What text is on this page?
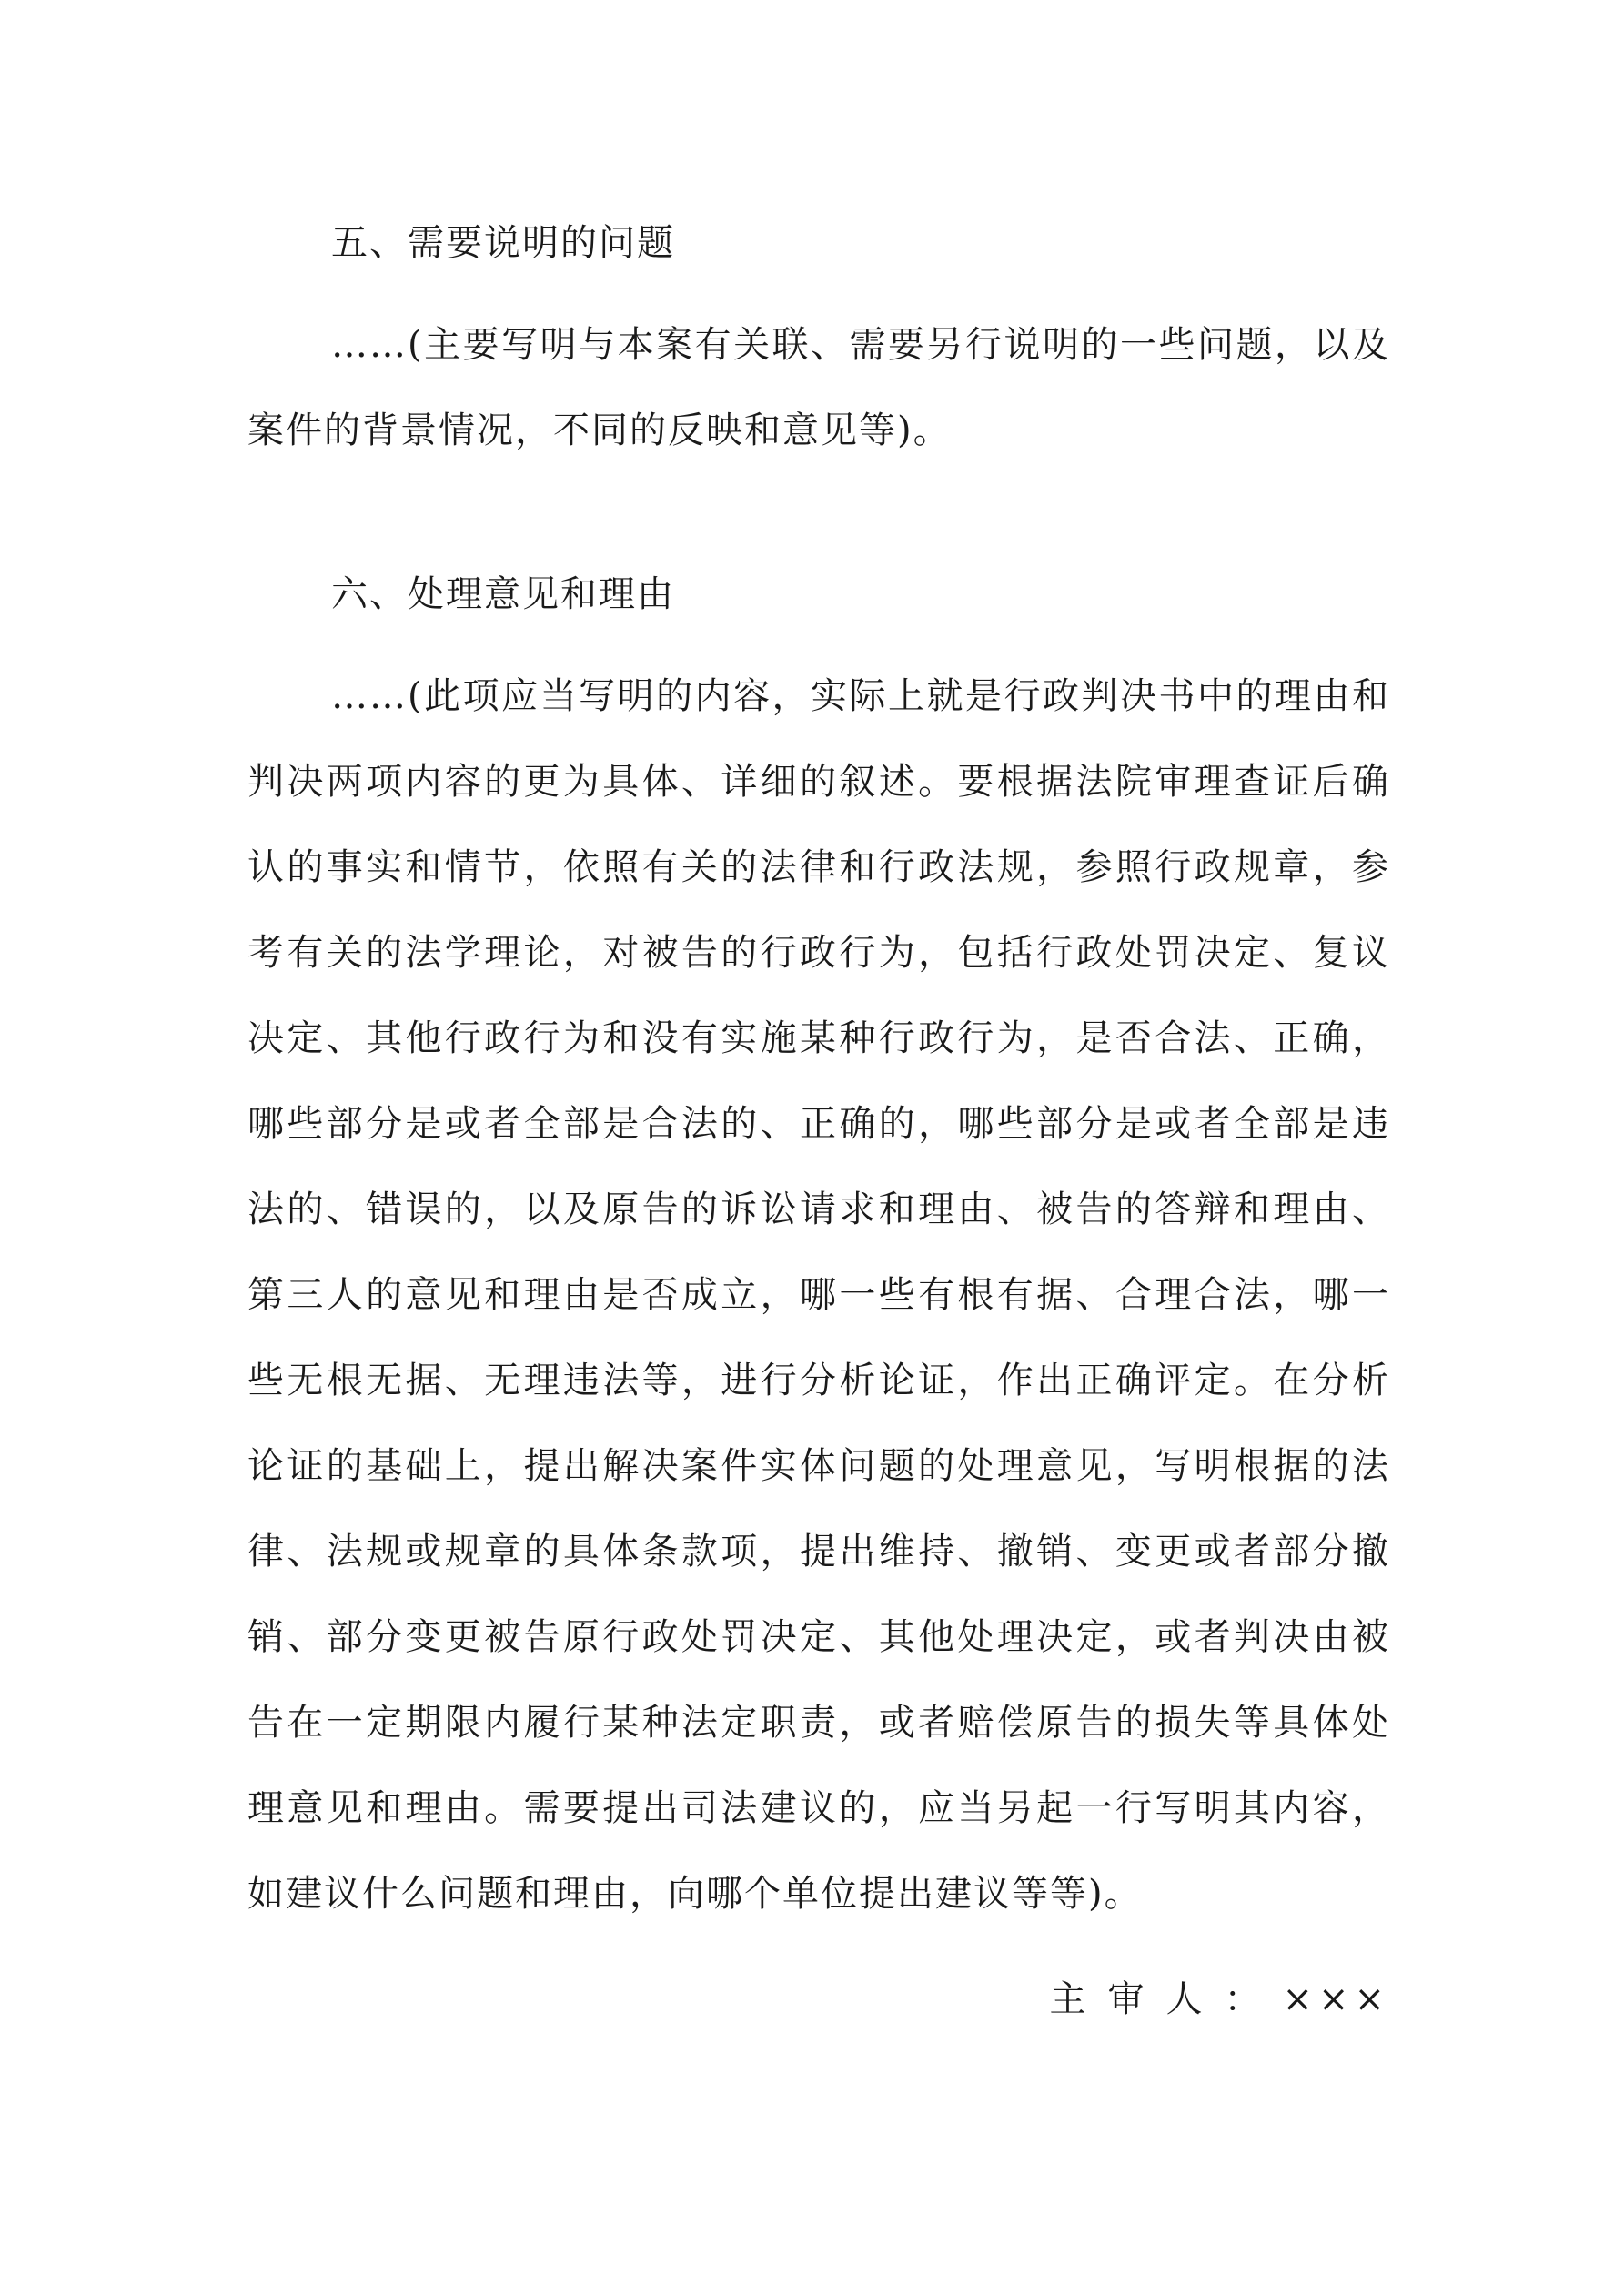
五、需要说明的问题

……(主要写明与本案有关联、需要另行说明的一些问题，以及案件的背景情况，不同的反映和意见等)。

六、处理意见和理由

……(此项应当写明的内容，实际上就是行政判决书中的理由和判决两项内容的更为具体、详细的叙述。要根据法院审理查证后确认的事实和情节，依照有关的法律和行政法规，参照行政规章，参考有关的法学理论，对被告的行政行为，包括行政处罚决定、复议决定、其他行政行为和没有实施某种行政行为，是否合法、正确，哪些部分是或者全部是合法的、正确的，哪些部分是或者全部是违法的、错误的，以及原告的诉讼请求和理由、被告的答辩和理由、第三人的意见和理由是否成立，哪一些有根有据、合理合法，哪一些无根无据、无理违法等，进行分析论证，作出正确评定。在分析论证的基础上，提出解决案件实体问题的处理意见，写明根据的法律、法规或规章的具体条款项，提出维持、撤销、变更或者部分撤销、部分变更被告原行政处罚决定、其他处理决定，或者判决由被告在一定期限内履行某种法定职责，或者赔偿原告的损失等具体处理意见和理由。需要提出司法建议的，应当另起一行写明其内容，如建议什么问题和理由，向哪个单位提出建议等等)。

主审人：×××
